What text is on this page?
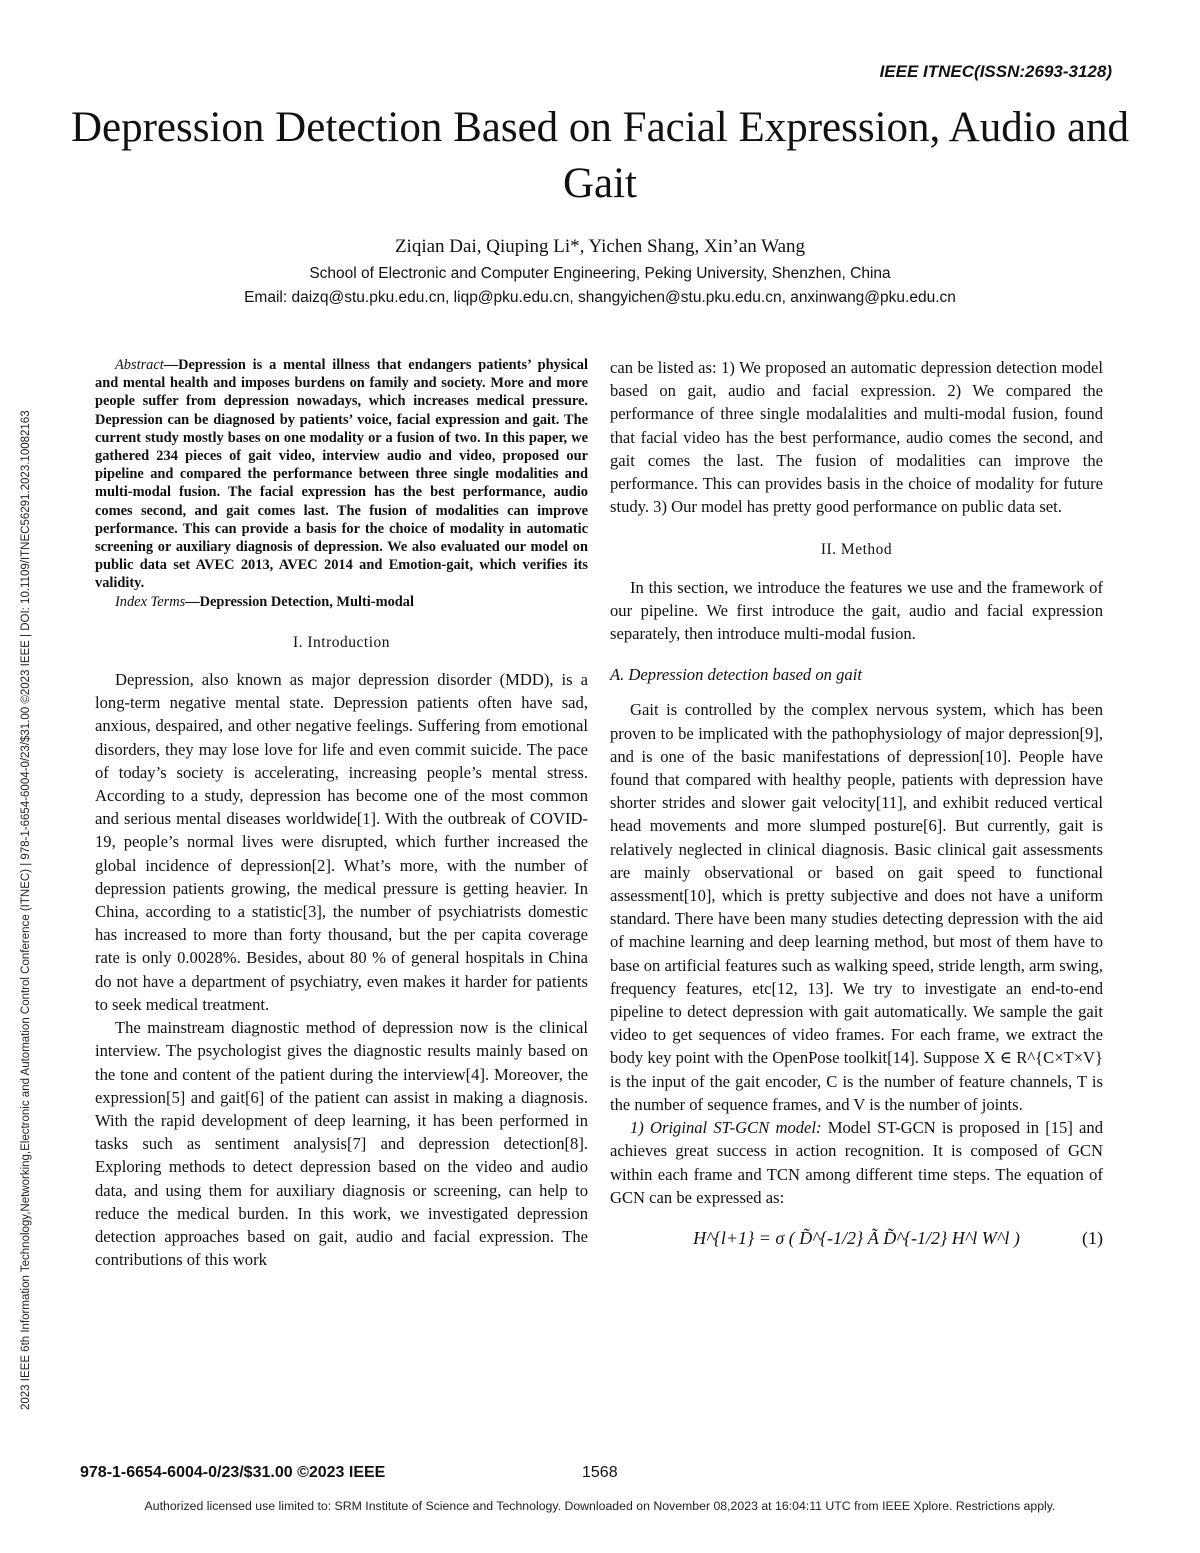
2023 IEEE 6th Information Technology,Networking,Electronic and Automation Control Conference (ITNEC) | 978-1-6654-6004-0/23/$31.00 ©2023 IEEE | DOI: 10.1109/ITNEC56291.2023.10082163
IEEE ITNEC(ISSN:2693-3128)
Depression Detection Based on Facial Expression, Audio and Gait
Ziqian Dai, Qiuping Li*, Yichen Shang, Xin’an Wang
School of Electronic and Computer Engineering, Peking University, Shenzhen, China
Email: daizq@stu.pku.edu.cn, liqp@pku.edu.cn, shangyichen@stu.pku.edu.cn, anxinwang@pku.edu.cn

Abstract—Depression is a mental illness that endangers patients’ physical and mental health and imposes burdens on family and society. More and more people suffer from depression nowadays, which increases medical pressure. Depression can be diagnosed by patients’ voice, facial expression and gait. The current study mostly bases on one modality or a fusion of two. In this paper, we gathered 234 pieces of gait video, interview audio and video, proposed our pipeline and compared the performance between three single modalities and multi-modal fusion. The facial expression has the best performance, audio comes second, and gait comes last. The fusion of modalities can improve performance. This can provide a basis for the choice of modality in automatic screening or auxiliary diagnosis of depression. We also evaluated our model on public data set AVEC 2013, AVEC 2014 and Emotion-gait, which verifies its validity.

Index Terms—Depression Detection, Multi-modal

I. Introduction

Depression, also known as major depression disorder (MDD), is a long-term negative mental state. Depression patients often have sad, anxious, despaired, and other negative feelings. Suffering from emotional disorders, they may lose love for life and even commit suicide. The pace of today’s society is accelerating, increasing people’s mental stress. According to a study, depression has become one of the most common and serious mental diseases worldwide[1]. With the outbreak of COVID-19, people’s normal lives were disrupted, which further increased the global incidence of depression[2]. What’s more, with the number of depression patients growing, the medical pressure is getting heavier. In China, according to a statistic[3], the number of psychiatrists domestic has increased to more than forty thousand, but the per capita coverage rate is only 0.0028%. Besides, about 80 % of general hospitals in China do not have a department of psychiatry, even makes it harder for patients to seek medical treatment.

The mainstream diagnostic method of depression now is the clinical interview. The psychologist gives the diagnostic results mainly based on the tone and content of the patient during the interview[4]. Moreover, the expression[5] and gait[6] of the patient can assist in making a diagnosis. With the rapid development of deep learning, it has been performed in tasks such as sentiment analysis[7] and depression detection[8]. Exploring methods to detect depression based on the video and audio data, and using them for auxiliary diagnosis or screening, can help to reduce the medical burden. In this work, we investigated depression detection approaches based on gait, audio and facial expression. The contributions of this work

can be listed as: 1) We proposed an automatic depression detection model based on gait, audio and facial expression. 2) We compared the performance of three single modalalities and multi-modal fusion, found that facial video has the best performance, audio comes the second, and gait comes the last. The fusion of modalities can improve the performance. This can provides basis in the choice of modality for future study. 3) Our model has pretty good performance on public data set.

II. Method

In this section, we introduce the features we use and the framework of our pipeline. We first introduce the gait, audio and facial expression separately, then introduce multi-modal fusion.

A. Depression detection based on gait

Gait is controlled by the complex nervous system, which has been proven to be implicated with the pathophysiology of major depression[9], and is one of the basic manifestations of depression[10]. People have found that compared with healthy people, patients with depression have shorter strides and slower gait velocity[11], and exhibit reduced vertical head movements and more slumped posture[6]. But currently, gait is relatively neglected in clinical diagnosis. Basic clinical gait assessments are mainly observational or based on gait speed to functional assessment[10], which is pretty subjective and does not have a uniform standard. There have been many studies detecting depression with the aid of machine learning and deep learning method, but most of them have to base on artificial features such as walking speed, stride length, arm swing, frequency features, etc[12, 13]. We try to investigate an end-to-end pipeline to detect depression with gait automatically. We sample the gait video to get sequences of video frames. For each frame, we extract the body key point with the OpenPose toolkit[14]. Suppose X ∈ R^{C×T×V} is the input of the gait encoder, C is the number of feature channels, T is the number of sequence frames, and V is the number of joints.

1) Original ST-GCN model: Model ST-GCN is proposed in [15] and achieves great success in action recognition. It is composed of GCN within each frame and TCN among different time steps. The equation of GCN can be expressed as:

H^{l+1} = σ ( D̃^{-1/2} Ã D̃^{-1/2} H^l W^l )	(1)
978-1-6654-6004-0/23/$31.00 ©2023 IEEE	1568
Authorized licensed use limited to: SRM Institute of Science and Technology. Downloaded on November 08,2023 at 16:04:11 UTC from IEEE Xplore. Restrictions apply.
